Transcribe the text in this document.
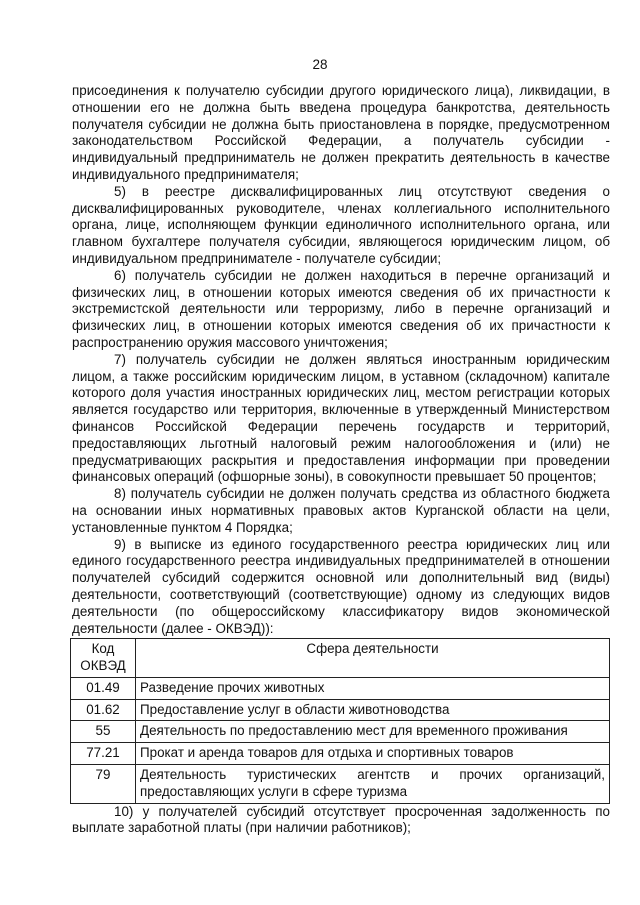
28

присоединения к получателю субсидии другого юридического лица), ликвидации, в отношении его не должна быть введена процедура банкротства, деятельность получателя субсидии не должна быть приостановлена в порядке, предусмотренном законодательством Российской Федерации, а получатель субсидии - индивидуальный предприниматель не должен прекратить деятельность в качестве индивидуального предпринимателя;

5) в реестре дисквалифицированных лиц отсутствуют сведения о дисквалифицированных руководителе, членах коллегиального исполнительного органа, лице, исполняющем функции единоличного исполнительного органа, или главном бухгалтере получателя субсидии, являющегося юридическим лицом, об индивидуальном предпринимателе - получателе субсидии;

6) получатель субсидии не должен находиться в перечне организаций и физических лиц, в отношении которых имеются сведения об их причастности к экстремистской деятельности или терроризму, либо в перечне организаций и физических лиц, в отношении которых имеются сведения об их причастности к распространению оружия массового уничтожения;

7) получатель субсидии не должен являться иностранным юридическим лицом, а также российским юридическим лицом, в уставном (складочном) капитале которого доля участия иностранных юридических лиц, местом регистрации которых является государство или территория, включенные в утвержденный Министерством финансов Российской Федерации перечень государств и территорий, предоставляющих льготный налоговый режим налогообложения и (или) не предусматривающих раскрытия и предоставления информации при проведении финансовых операций (офшорные зоны), в совокупности превышает 50 процентов;

8) получатель субсидии не должен получать средства из областного бюджета на основании иных нормативных правовых актов Курганской области на цели, установленные пунктом 4 Порядка;

9) в выписке из единого государственного реестра юридических лиц или единого государственного реестра индивидуальных предпринимателей в отношении получателей субсидий содержится основной или дополнительный вид (виды) деятельности, соответствующий (соответствующие) одному из следующих видов деятельности (по общероссийскому классификатору видов экономической деятельности (далее - ОКВЭД)):

Код ОКВЭД	Сфера деятельности
01.49	Разведение прочих животных
01.62	Предоставление услуг в области животноводства
55	Деятельность по предоставлению мест для временного проживания
77.21	Прокат и аренда товаров для отдыха и спортивных товаров
79	Деятельность туристических агентств и прочих организаций, предоставляющих услуги в сфере туризма

10) у получателей субсидий отсутствует просроченная задолженность по выплате заработной платы (при наличии работников);
